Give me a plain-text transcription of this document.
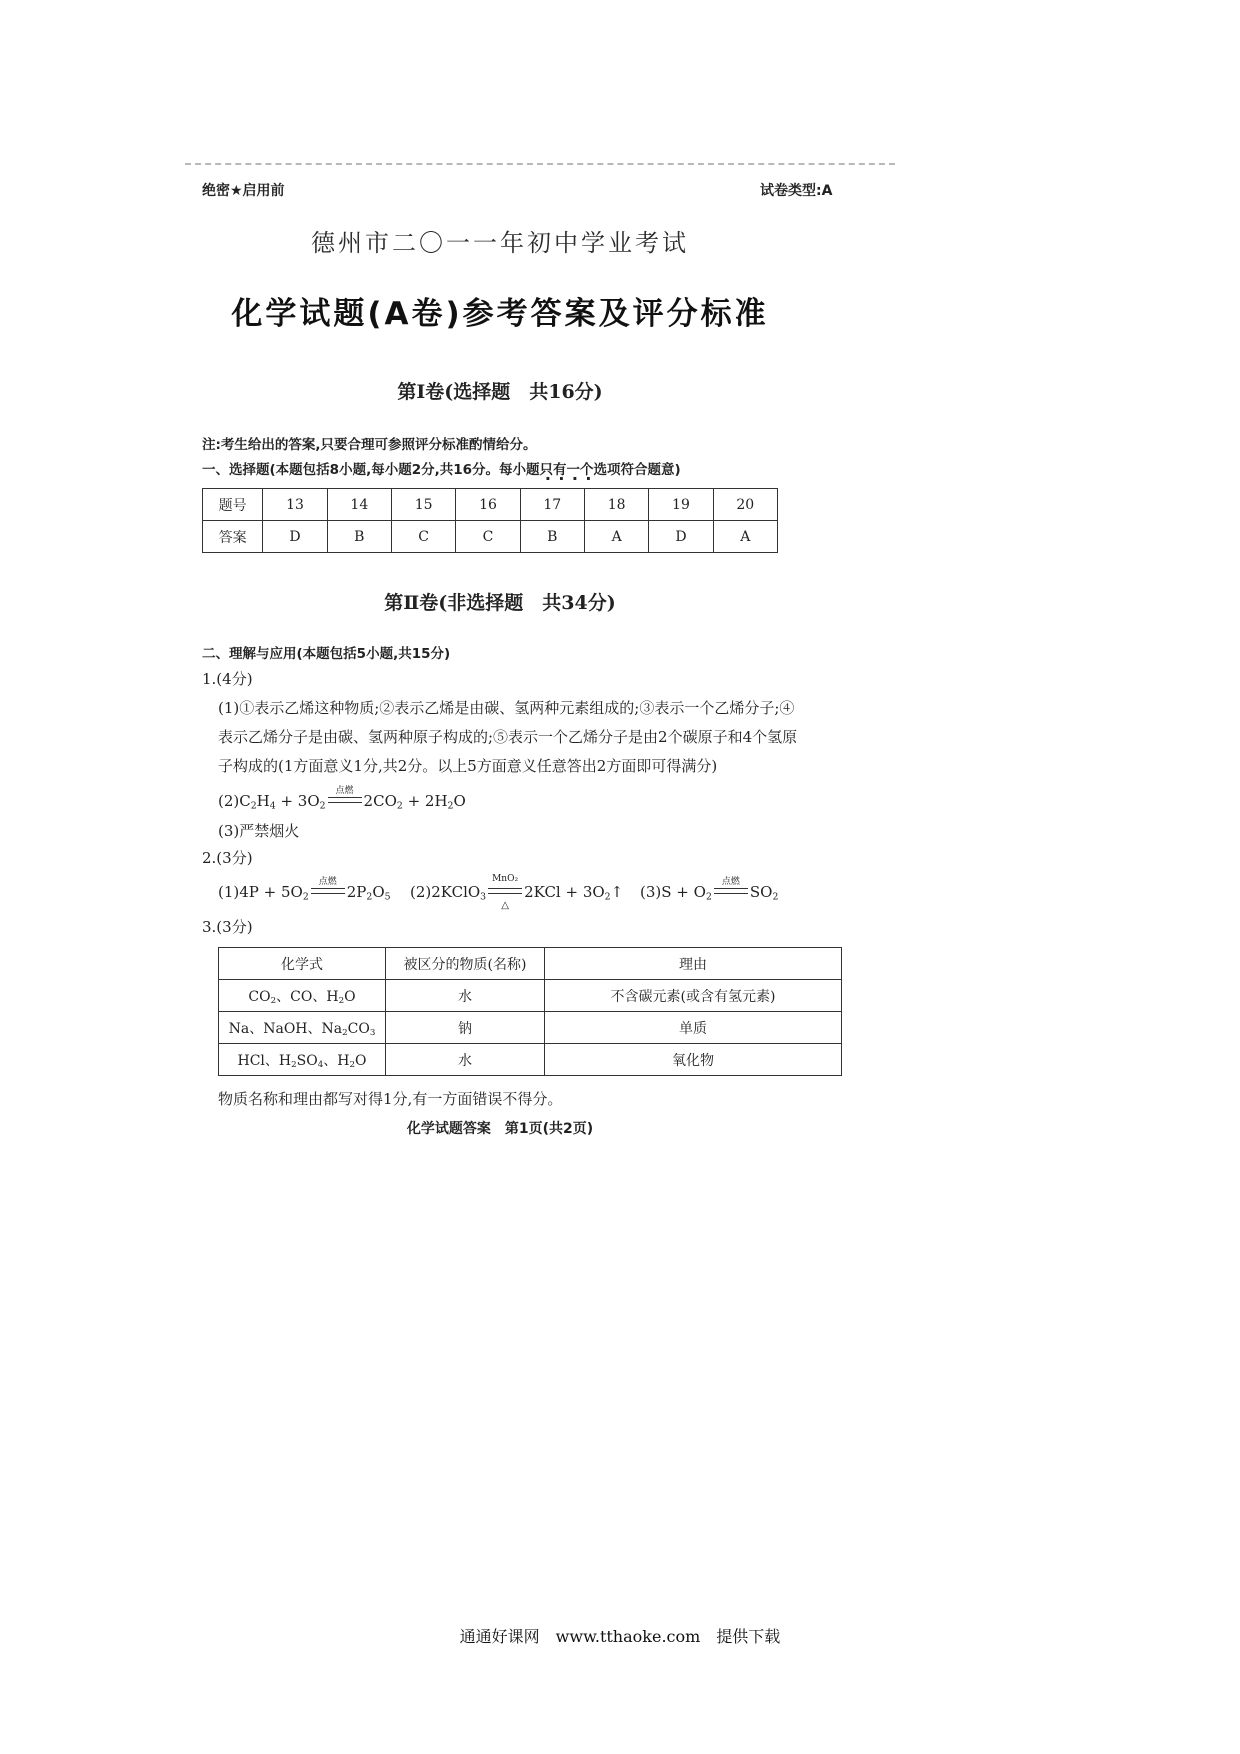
绝密★启用前	试卷类型:A
德州市二〇一一年初中学业考试
化学试题(A卷)参考答案及评分标准
第Ⅰ卷(选择题　共16分)
注:考生给出的答案,只要合理可参照评分标准酌情给分。
一、选择题(本题包括8小题,每小题2分,共16分。每小题只有一个选项符合题意)
题号	13	14	15	16	17	18	19	20
答案	D	B	C	C	B	A	D	A
第Ⅱ卷(非选择题　共34分)
二、理解与应用(本题包括5小题,共15分)
1.(4分)
(1)①表示乙烯这种物质;②表示乙烯是由碳、氢两种元素组成的;③表示一个乙烯分子;④
表示乙烯分子是由碳、氢两种原子构成的;⑤表示一个乙烯分子是由2个碳原子和4个氢原
子构成的(1方面意义1分,共2分。以上5方面意义任意答出2方面即可得满分)
$(2)C_2H_4 + 3O_2$
点燃
$2CO_2 + 2H_2O$
(3)严禁烟火
2.(3分)
$(1)4P + 5O_2$
点燃
$2P_2O_5$ (2)2KClO$_3$
MnO₂
△
$2KCl + 3O_2↑$ $(3)S + O_2$
点燃
$SO_2$
3.(3分)
化学式	被区分的物质(名称)	理由
$CO_2$、CO、$H_2O$	水	不含碳元素(或含有氢元素)
Na、NaOH、$Na_2CO_3$	钠	单质
HCl、$H_2SO_4$、$H_2O$	水	氧化物
物质名称和理由都写对得1分,有一方面错误不得分。
化学试题答案　第1页(共2页)
通通好课网　www.tthaoke.com　提供下载
